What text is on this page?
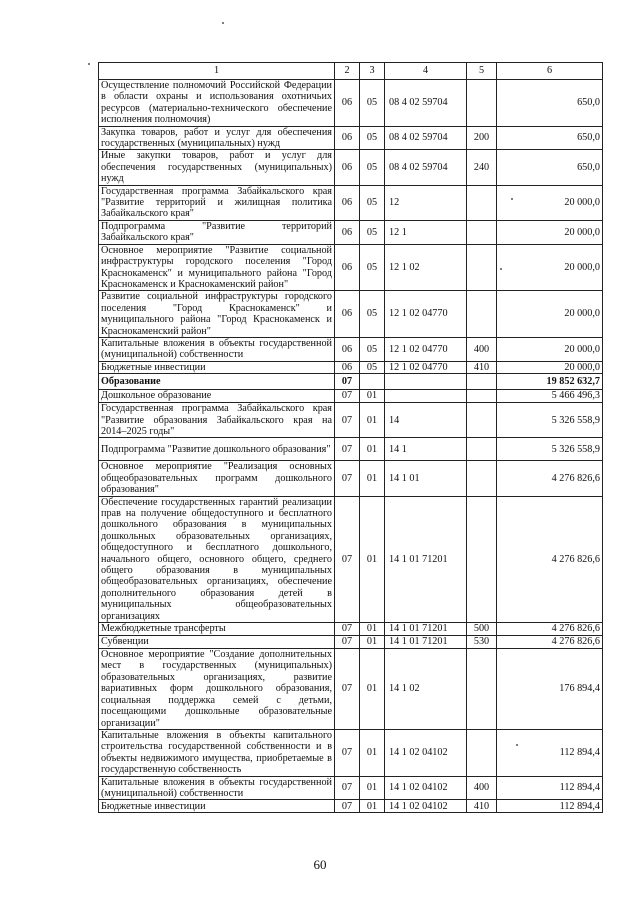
1	2	3	4	5	6
Осуществление полномочий Российской Федерации в области охраны и использования охотничьих ресурсов (материально-технического обеспечение исполнения полномочия)	06	05	08 4 02 59704		650,0
Закупка товаров, работ и услуг для обеспечения государственных (муниципальных) нужд	06	05	08 4 02 59704	200	650,0
Иные закупки товаров, работ и услуг для обеспечения государственных (муниципальных) нужд	06	05	08 4 02 59704	240	650,0
Государственная программа Забайкальского края "Развитие территорий и жилищная политика Забайкальского края"	06	05	12		20 000,0
Подпрограмма "Развитие территорий Забайкальского края"	06	05	12 1		20 000,0
Основное мероприятие "Развитие социальной инфраструктуры городского поселения "Город Краснокаменск" и муниципального района "Город Краснокаменск и Краснокаменский район"	06	05	12 1 02		20 000,0
Развитие социальной инфраструктуры городского поселения "Город Краснокаменск" и муниципального района "Город Краснокаменск и Краснокаменский район"	06	05	12 1 02 04770		20 000,0
Капитальные вложения в объекты государственной (муниципальной) собственности	06	05	12 1 02 04770	400	20 000,0
Бюджетные инвестиции	06	05	12 1 02 04770	410	20 000,0
Образование	07				19 852 632,7
Дошкольное образование	07	01			5 466 496,3
Государственная программа Забайкальского края "Развитие образования Забайкальского края на 2014–2025 годы"	07	01	14		5 326 558,9
Подпрограмма "Развитие дошкольного образования"	07	01	14 1		5 326 558,9
Основное мероприятие "Реализация основных общеобразовательных программ дошкольного образования"	07	01	14 1 01		4 276 826,6
Обеспечение государственных гарантий реализации прав на получение общедоступного и бесплатного дошкольного образования в муниципальных дошкольных образовательных организациях, общедоступного и бесплатного дошкольного, начального общего, основного общего, среднего общего образования в муниципальных общеобразовательных организациях, обеспечение дополнительного образования детей в муниципальных общеобразовательных организациях	07	01	14 1 01 71201		4 276 826,6
Межбюджетные трансферты	07	01	14 1 01 71201	500	4 276 826,6
Субвенции	07	01	14 1 01 71201	530	4 276 826,6
Основное мероприятие "Создание дополнительных мест в государственных (муниципальных) образовательных организациях, развитие вариативных форм дошкольного образования, социальная поддержка семей с детьми, посещающими дошкольные образовательные организации"	07	01	14 1 02		176 894,4
Капитальные вложения в объекты капитального строительства государственной собственности и в объекты недвижимого имущества, приобретаемые в государственную собственность	07	01	14 1 02 04102		112 894,4
Капитальные вложения в объекты государственной (муниципальной) собственности	07	01	14 1 02 04102	400	112 894,4
Бюджетные инвестиции	07	01	14 1 02 04102	410	112 894,4
60
